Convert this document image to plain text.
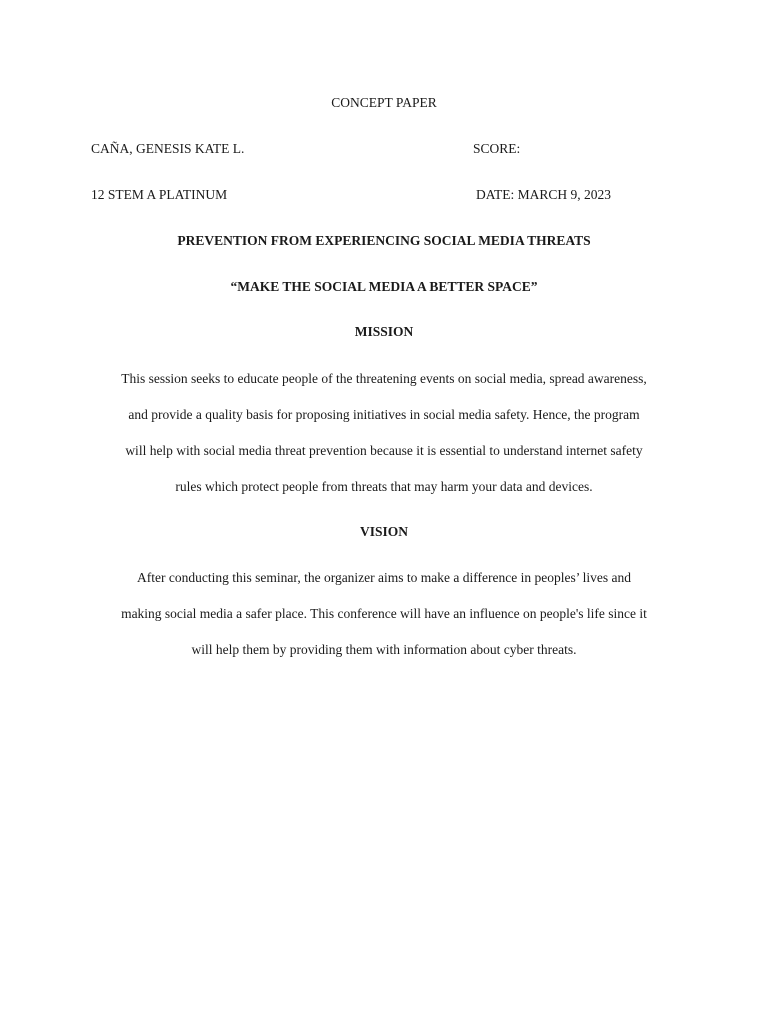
CONCEPT PAPER
CAÑA, GENESIS KATE L.	SCORE:
12 STEM A PLATINUM	DATE: MARCH 9, 2023
PREVENTION FROM EXPERIENCING SOCIAL MEDIA THREATS
“MAKE THE SOCIAL MEDIA A BETTER SPACE”
MISSION
This session seeks to educate people of the threatening events on social media, spread awareness,
and provide a quality basis for proposing initiatives in social media safety. Hence, the program
will help with social media threat prevention because it is essential to understand internet safety
rules which protect people from threats that may harm your data and devices.
VISION
After conducting this seminar, the organizer aims to make a difference in peoples’ lives and
making social media a safer place. This conference will have an influence on people's life since it
will help them by providing them with information about cyber threats.
